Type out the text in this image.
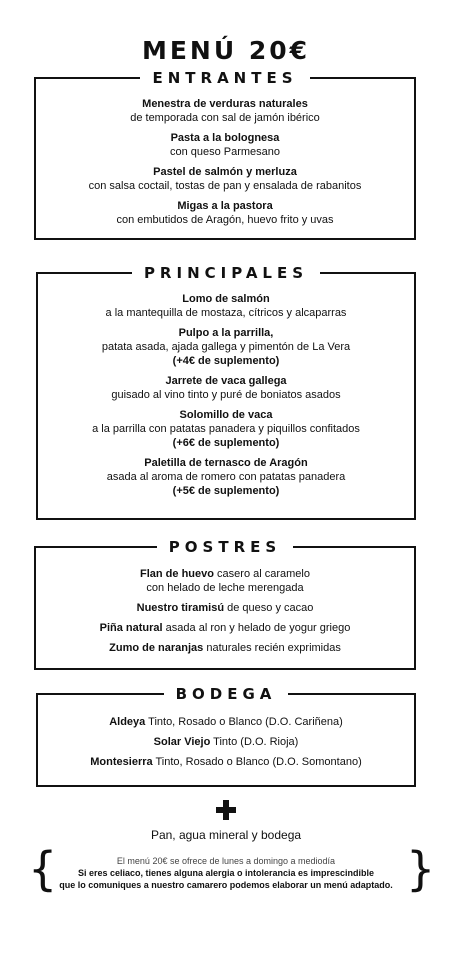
MENÚ 20€
ENTRANTES
Menestra de verduras naturales
de temporada con sal de jamón ibérico
Pasta a la bolognesa
con queso Parmesano
Pastel de salmón y merluza
con salsa coctail, tostas de pan y ensalada de rabanitos
Migas a la pastora
con embutidos de Aragón, huevo frito y uvas
PRINCIPALES
Lomo de salmón
a la mantequilla de mostaza, cítricos y alcaparras
Pulpo a la parrilla,
patata asada, ajada gallega y pimentón de La Vera
(+4€ de suplemento)
Jarrete de vaca gallega
guisado al vino tinto y puré de boniatos asados
Solomillo de vaca
a la parrilla con patatas panadera y piquillos confitados
(+6€ de suplemento)
Paletilla de ternasco de Aragón
asada al aroma de romero con patatas panadera
(+5€ de suplemento)
POSTRES
Flan de huevo casero al caramelo
con helado de leche merengada
Nuestro tiramisú de queso y cacao
Piña natural asada al ron y helado de yogur griego
Zumo de naranjas naturales recién exprimidas
BODEGA
Aldeya Tinto, Rosado o Blanco (D.O. Cariñena)
Solar Viejo Tinto (D.O. Rioja)
Montesierra Tinto, Rosado o Blanco (D.O. Somontano)
Pan, agua mineral y bodega
{	}
El menú 20€ se ofrece de lunes a domingo a mediodía
Si eres celiaco, tienes alguna alergia o intolerancia es imprescindible
que lo comuniques a nuestro camarero podemos elaborar un menú adaptado.
